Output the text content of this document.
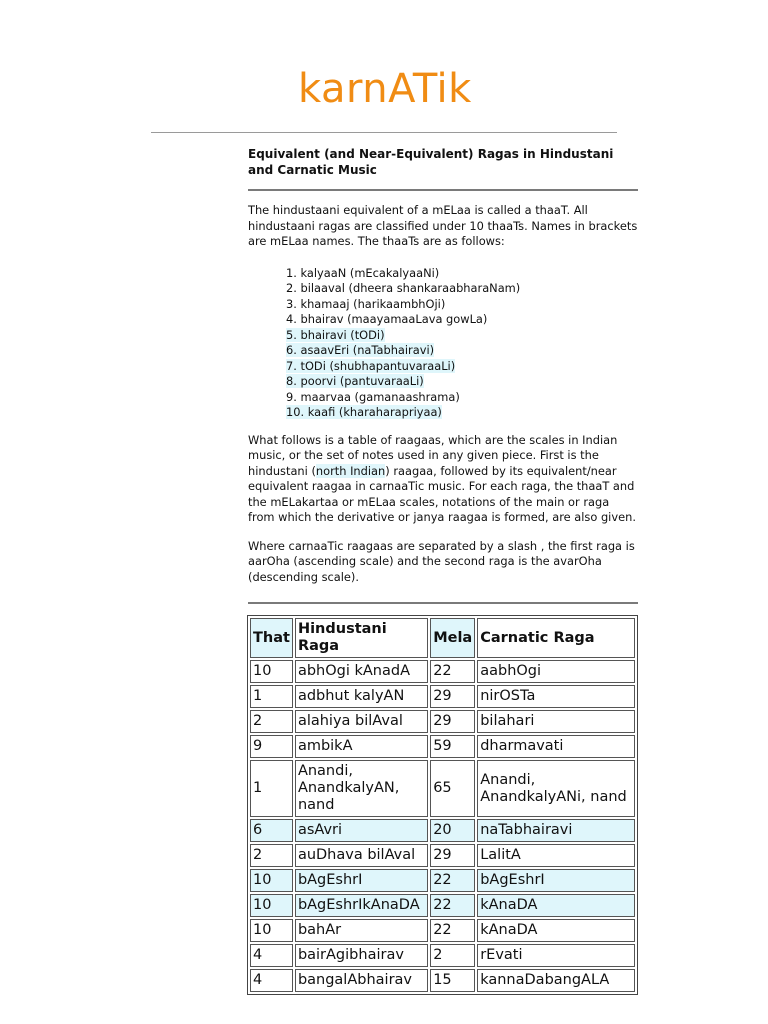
karnATik

Equivalent (and Near-Equivalent) Ragas in Hindustani and Carnatic Music

The hindustaani equivalent of a mELaa is called a thaaT. All hindustaani ragas are classified under 10 thaaTs. Names in brackets are mELaa names. The thaaTs are as follows:

1. kalyaaN (mEcakalyaaNi)
2. bilaaval (dheera shankaraabharaNam)
3. khamaaj (harikaambhOji)
4. bhairav (maayamaaLava gowLa)
5. bhairavi (tODi)
6. asaavEri (naTabhairavi)
7. tODi (shubhapantuvaraaLi)
8. poorvi (pantuvaraaLi)
9. maarvaa (gamanaashrama)
10. kaafi (kharaharapriyaa)

What follows is a table of raagaas, which are the scales in Indian music, or the set of notes used in any given piece. First is the hindustani (north Indian) raagaa, followed by its equivalent/near equivalent raagaa in carnaaTic music. For each raga, the thaaT and the mELakartaa or mELaa scales, notations of the main or raga from which the derivative or janya raagaa is formed, are also given.

Where carnaaTic raagaas are separated by a slash , the first raga is aarOha (ascending scale) and the second raga is the avarOha (descending scale).

That	Hindustani Raga	Mela	Carnatic Raga
10	abhOgi kAnadA	22	aabhOgi
1	adbhut kalyAN	29	nirOSTa
2	alahiya bilAval	29	bilahari
9	ambikA	59	dharmavati
1	Anandi, AnandkalyAN, nand	65	Anandi, AnandkalyANi, nand
6	asAvri	20	naTabhairavi
2	auDhava bilAval	29	LalitA
10	bAgEshrI	22	bAgEshrI
10	bAgEshrIkAnaDA	22	kAnaDA
10	bahAr	22	kAnaDA
4	bairAgibhairav	2	rEvati
4	bangalAbhairav	15	kannaDabangALA
